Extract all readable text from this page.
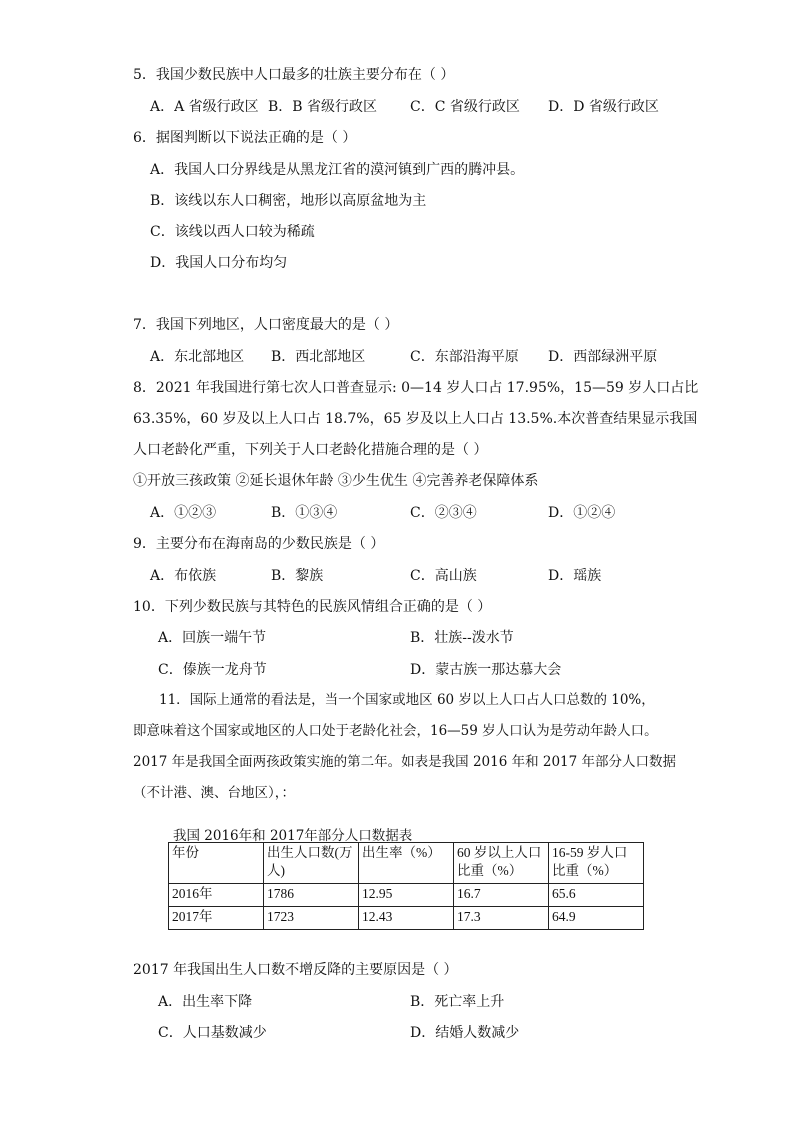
5．我国少数民族中人口最多的壮族主要分布在（ ）
A．A 省级行政区 B．B 省级行政区 C．C 省级行政区 D．D 省级行政区
6．据图判断以下说法正确的是（ ）
A．我国人口分界线是从黑龙江省的漠河镇到广西的腾冲县。
B．该线以东人口稠密，地形以高原盆地为主
C．该线以西人口较为稀疏
D．我国人口分布均匀
7．我国下列地区，人口密度最大的是（ ）
A．东北部地区 B．西北部地区	C．东部沿海平原 D．西部绿洲平原
8．2021 年我国进行第七次人口普查显示: 0—14 岁人口占 17.95%，15—59 岁人口占比
63.35%，60 岁及以上人口占 18.7%，65 岁及以上人口占 13.5%.本次普查结果显示我国
人口老龄化严重，下列关于人口老龄化措施合理的是（ ）
①开放三孩政策 ②延长退休年龄 ③少生优生 ④完善养老保障体系
A．①②③	B．①③④	C．②③④	D．①②④
9．主要分布在海南岛的少数民族是（ ）
A．布依族	B．黎族	C．高山族	D．瑶族
10．下列少数民族与其特色的民族风情组合正确的是（ ）
A．回族一端午节	B．壮族--泼水节
C．傣族一龙舟节	D．蒙古族一那达慕大会
11．国际上通常的看法是，当一个国家或地区 60 岁以上人口占人口总数的 10%，
即意味着这个国家或地区的人口处于老龄化社会，16—59 岁人口认为是劳动年龄人口。
2017 年是我国全面两孩政策实施的第二年。如表是我国 2016 年和 2017 年部分人口数据
（不计港、澳、台地区），：
我国 2016年和 2017年部分人口数据表
年份	出生人口数(万人)	出生率（%）	60 岁以上人口比重（%）	16-59 岁人口比重（%）
2016年	1786	12.95	16.7	65.6
2017年	1723	12.43	17.3	64.9
2017 年我国出生人口数不增反降的主要原因是（ ）
A．出生率下降	B．死亡率上升
C．人口基数减少	D．结婚人数减少
